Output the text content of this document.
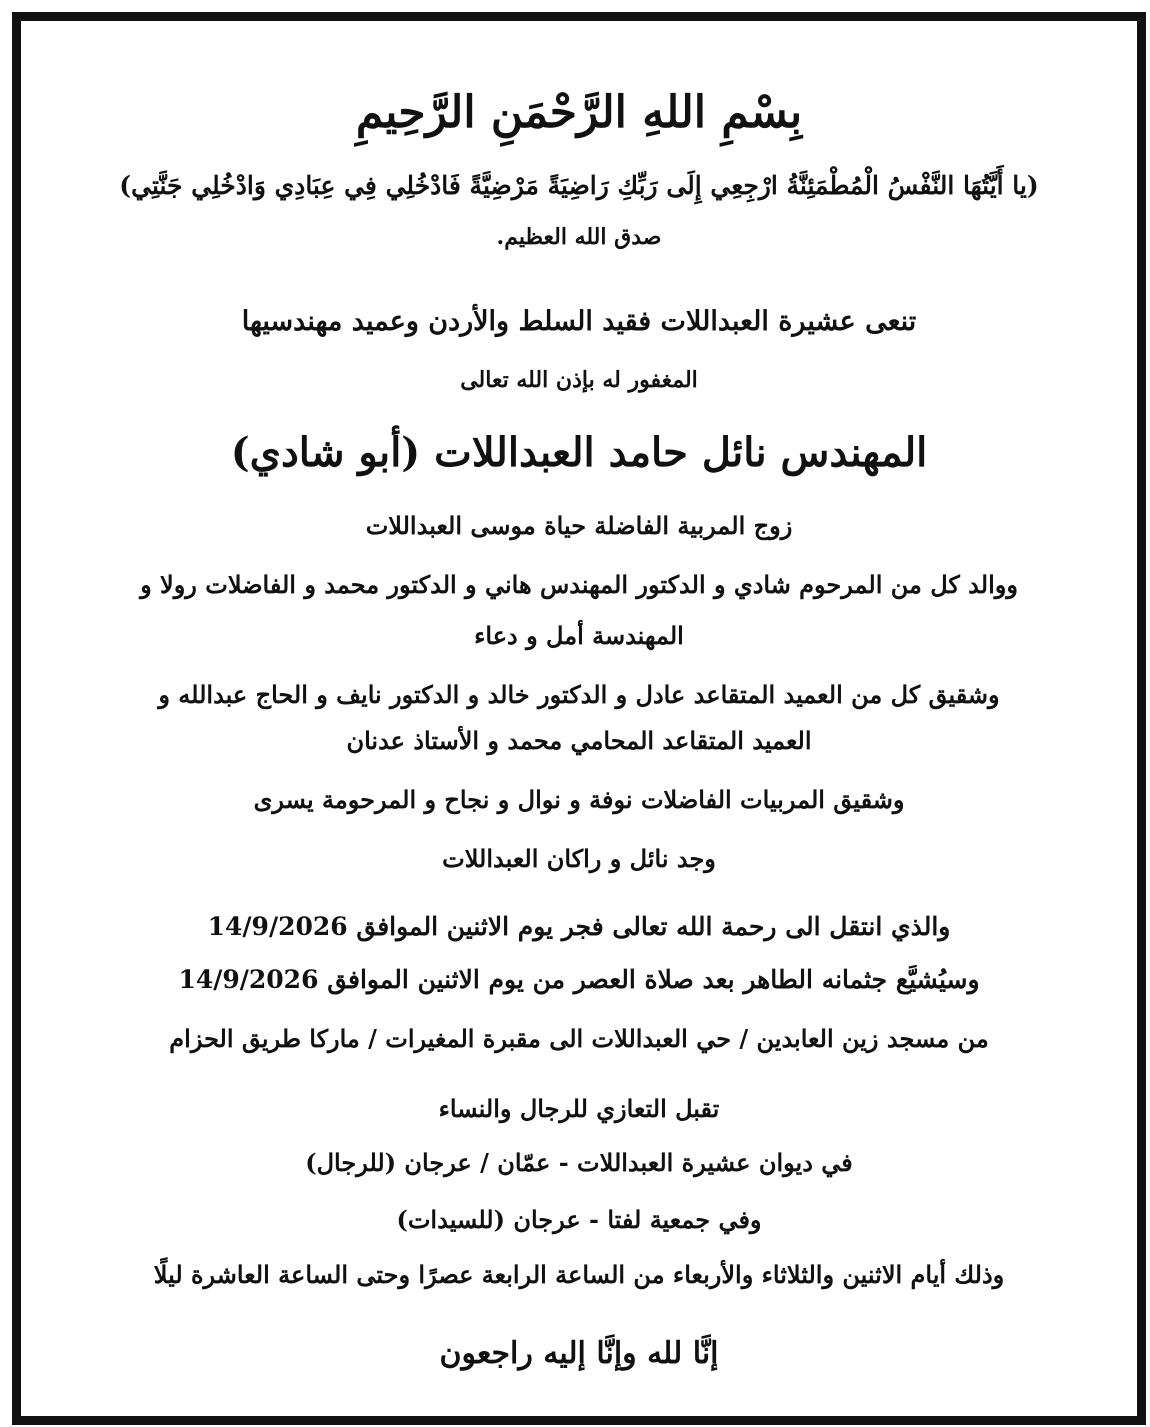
بِسْمِ اللهِ الرَّحْمَنِ الرَّحِيمِ
(يا أَيَّتُهَا النَّفْسُ الْمُطْمَئِنَّةُ ارْجِعِي إِلَى رَبِّكِ رَاضِيَةً مَرْضِيَّةً فَادْخُلِي فِي عِبَادِي وَادْخُلِي جَنَّتِي)
صدق الله العظيم.
تنعى عشيرة العبداللات فقيد السلط والأردن وعميد مهندسيها
المغفور له بإذن الله تعالى
المهندس نائل حامد العبداللات (أبو شادي)
زوج المربية الفاضلة حياة موسى العبداللات
ووالد كل من المرحوم شادي و الدكتور المهندس هاني و الدكتور محمد و الفاضلات رولا و
المهندسة أمل و دعاء
وشقيق كل من العميد المتقاعد عادل و الدكتور خالد و الدكتور نايف و الحاج عبدالله و
العميد المتقاعد المحامي محمد و الأستاذ عدنان
وشقيق المربيات الفاضلات نوفة و نوال و نجاح و المرحومة يسرى
وجد نائل و راكان العبداللات
والذي انتقل الى رحمة الله تعالى فجر يوم الاثنين الموافق 14/9/2026
وسيُشيَّع جثمانه الطاهر بعد صلاة العصر من يوم الاثنين الموافق 14/9/2026
من مسجد زين العابدين / حي العبداللات الى مقبرة المغيرات / ماركا طريق الحزام
تقبل التعازي للرجال والنساء
في ديوان عشيرة العبداللات - عمّان / عرجان (للرجال)
وفي جمعية لفتا - عرجان (للسيدات)
وذلك أيام الاثنين والثلاثاء والأربعاء من الساعة الرابعة عصرًا وحتى الساعة العاشرة ليلًا
إنَّا لله وإنَّا إليه راجعون
